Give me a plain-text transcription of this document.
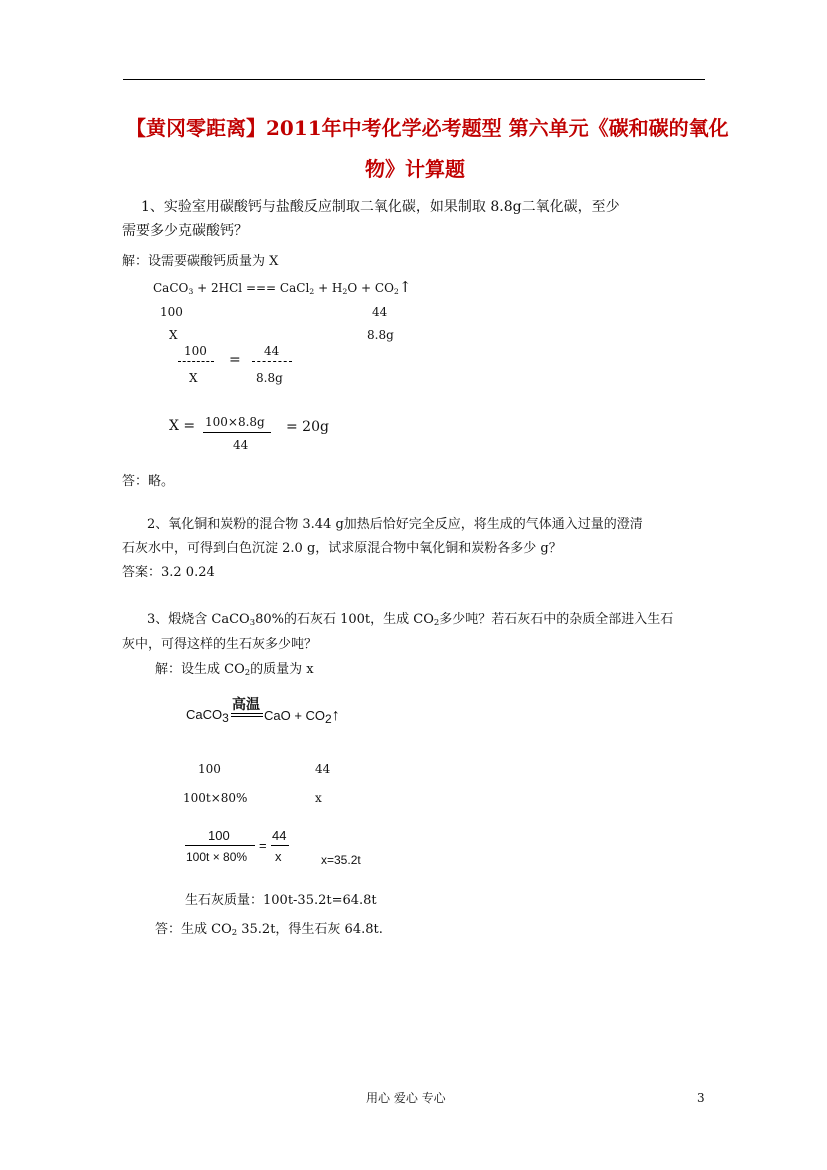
【黄冈零距离】2011年中考化学必考题型 第六单元《碳和碳的氧化
物》计算题
1、实验室用碳酸钙与盐酸反应制取二氧化碳，如果制取 8.8g二氧化碳，至少
需要多少克碳酸钙？
解：设需要碳酸钙质量为 X
CaCO$_3$ + 2HCl === CaCl$_2$ + $H_2O$ + $CO_2↑$
100	44
X	8.8g
100
X
=
44
8.8g
X = 100×8.8g
44
= 20g
答：略。
2、氧化铜和炭粉的混合物 3.44 g加热后恰好完全反应，将生成的气体通入过量的澄清
石灰水中，可得到白色沉淀 2.0 g，试求原混合物中氧化铜和炭粉各多少 g？
答案：3.2 0.24
3、煅烧含 CaCO$_3$80%的石灰石 100t，生成 $CO_2$多少吨？若石灰石中的杂质全部进入生石
灰中，可得这样的生石灰多少吨？
解：设生成 $CO_2$的质量为 x
CaCO$_3$
高温
CaO + $CO_2↑$
100	44
100t×80%	x
100
100t × 80%
=
44
x	x=35.2t
生石灰质量：100t-35.2t=64.8t
答：生成 $CO_2$ 35.2t，得生石灰 64.8t.
用心 爱心 专心	3
